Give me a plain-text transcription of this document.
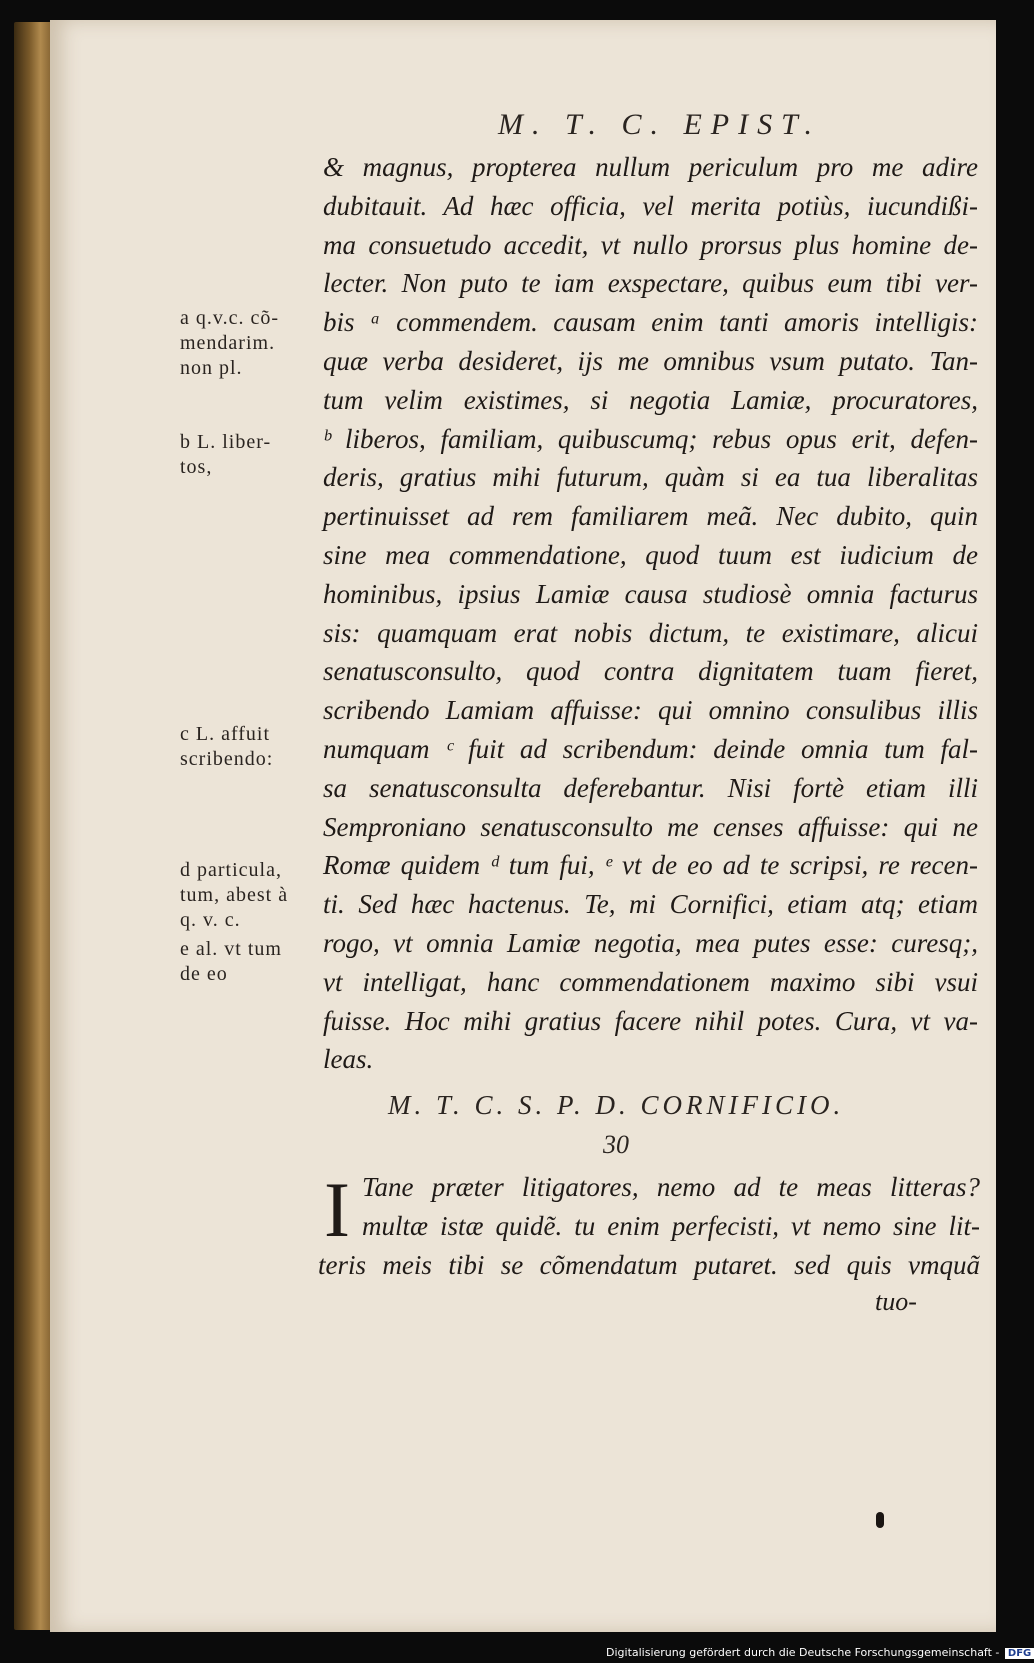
M. T. C. EPIST.
& magnus, propterea nullum periculum pro me adire
dubitauit. Ad hæc officia, vel merita potiùs, iucundißi-
ma consuetudo accedit, vt nullo prorsus plus homine de-
lecter. Non puto te iam exspectare, quibus eum tibi ver-
bis ᵃ commendem. causam enim tanti amoris intelligis:
quæ verba desideret, ijs me omnibus vsum putato. Tan-
tum velim existimes, si negotia Lamiæ, procuratores,
ᵇ liberos, familiam, quibuscumq; rebus opus erit, defen-
deris, gratius mihi futurum, quàm si ea tua liberalitas
pertinuisset ad rem familiarem meã. Nec dubito, quin
sine mea commendatione, quod tuum est iudicium de
hominibus, ipsius Lamiæ causa studiosè omnia facturus
sis: quamquam erat nobis dictum, te existimare, alicui
senatusconsulto, quod contra dignitatem tuam fieret,
scribendo Lamiam affuisse: qui omnino consulibus illis
numquam ᶜ fuit ad scribendum: deinde omnia tum fal-
sa senatusconsulta deferebantur. Nisi fortè etiam illi
Semproniano senatusconsulto me censes affuisse: qui ne
Romæ quidem ᵈ tum fui, ᵉ vt de eo ad te scripsi, re recen-
ti. Sed hæc hactenus. Te, mi Cornifici, etiam atq; etiam
rogo, vt omnia Lamiæ negotia, mea putes esse: curesq;,
vt intelligat, hanc commendationem maximo sibi vsui
fuisse. Hoc mihi gratius facere nihil potes. Cura, vt va-
leas.
M. T. C. S. P. D. CORNIFICIO.
30
I Tane præter litigatores, nemo ad te meas litteras?
multæ istæ quidẽ. tu enim perfecisti, vt nemo sine lit-
teris meis tibi se cõmendatum putaret. sed quis vmquã
tuo-
a q.v.c. cõ-
mendarim.
non pl.
b L. liber-
tos,
c L. affuit
scribendo:
d particula,
tum, abest à
q. v. c.
e al. vt tum
de eo
Digitalisierung gefördert durch die Deutsche Forschungsgemeinschaft - DFG
